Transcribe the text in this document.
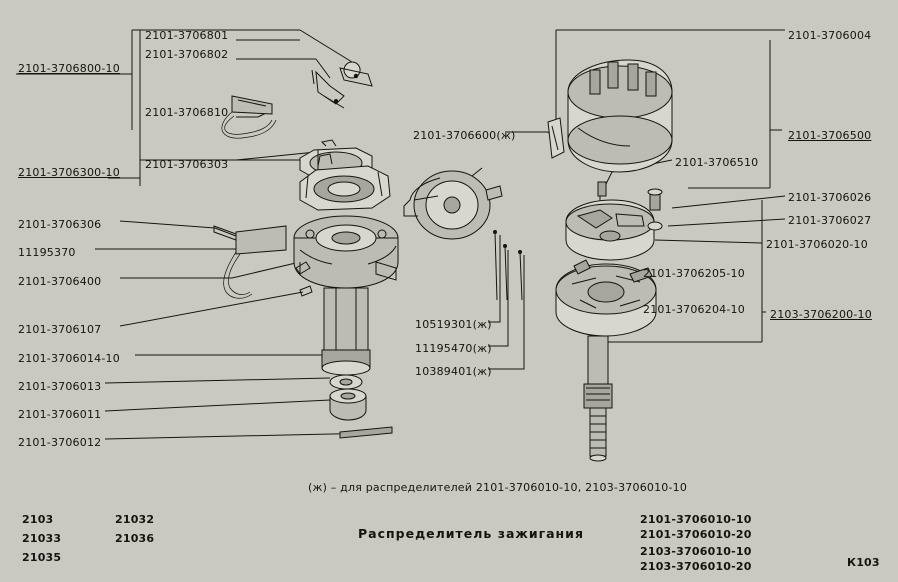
2101-3706801
2101-3706802
2101-3706800-10
2101-3706810
2101-3706300-10
2101-3706303
2101-3706306
11195370
2101-3706400
2101-3706107
2101-3706014-10
2101-3706013
2101-3706011
2101-3706012
2101-3706600(ж)
10519301(ж)
11195470(ж)
10389401(ж)
2101-3706004
2101-3706500
2101-3706510
2101-3706026
2101-3706027
2101-3706020-10
2101-3706205-10
2101-3706204-10 2103-3706200-10
(ж) – для распределителей 2101-3706010-10, 2103-3706010-10
2103
21033
21035
21032
21036
2101-3706010-10
2101-3706010-20
2103-3706010-10
2103-3706010-20
Распределитель зажигания
К103
